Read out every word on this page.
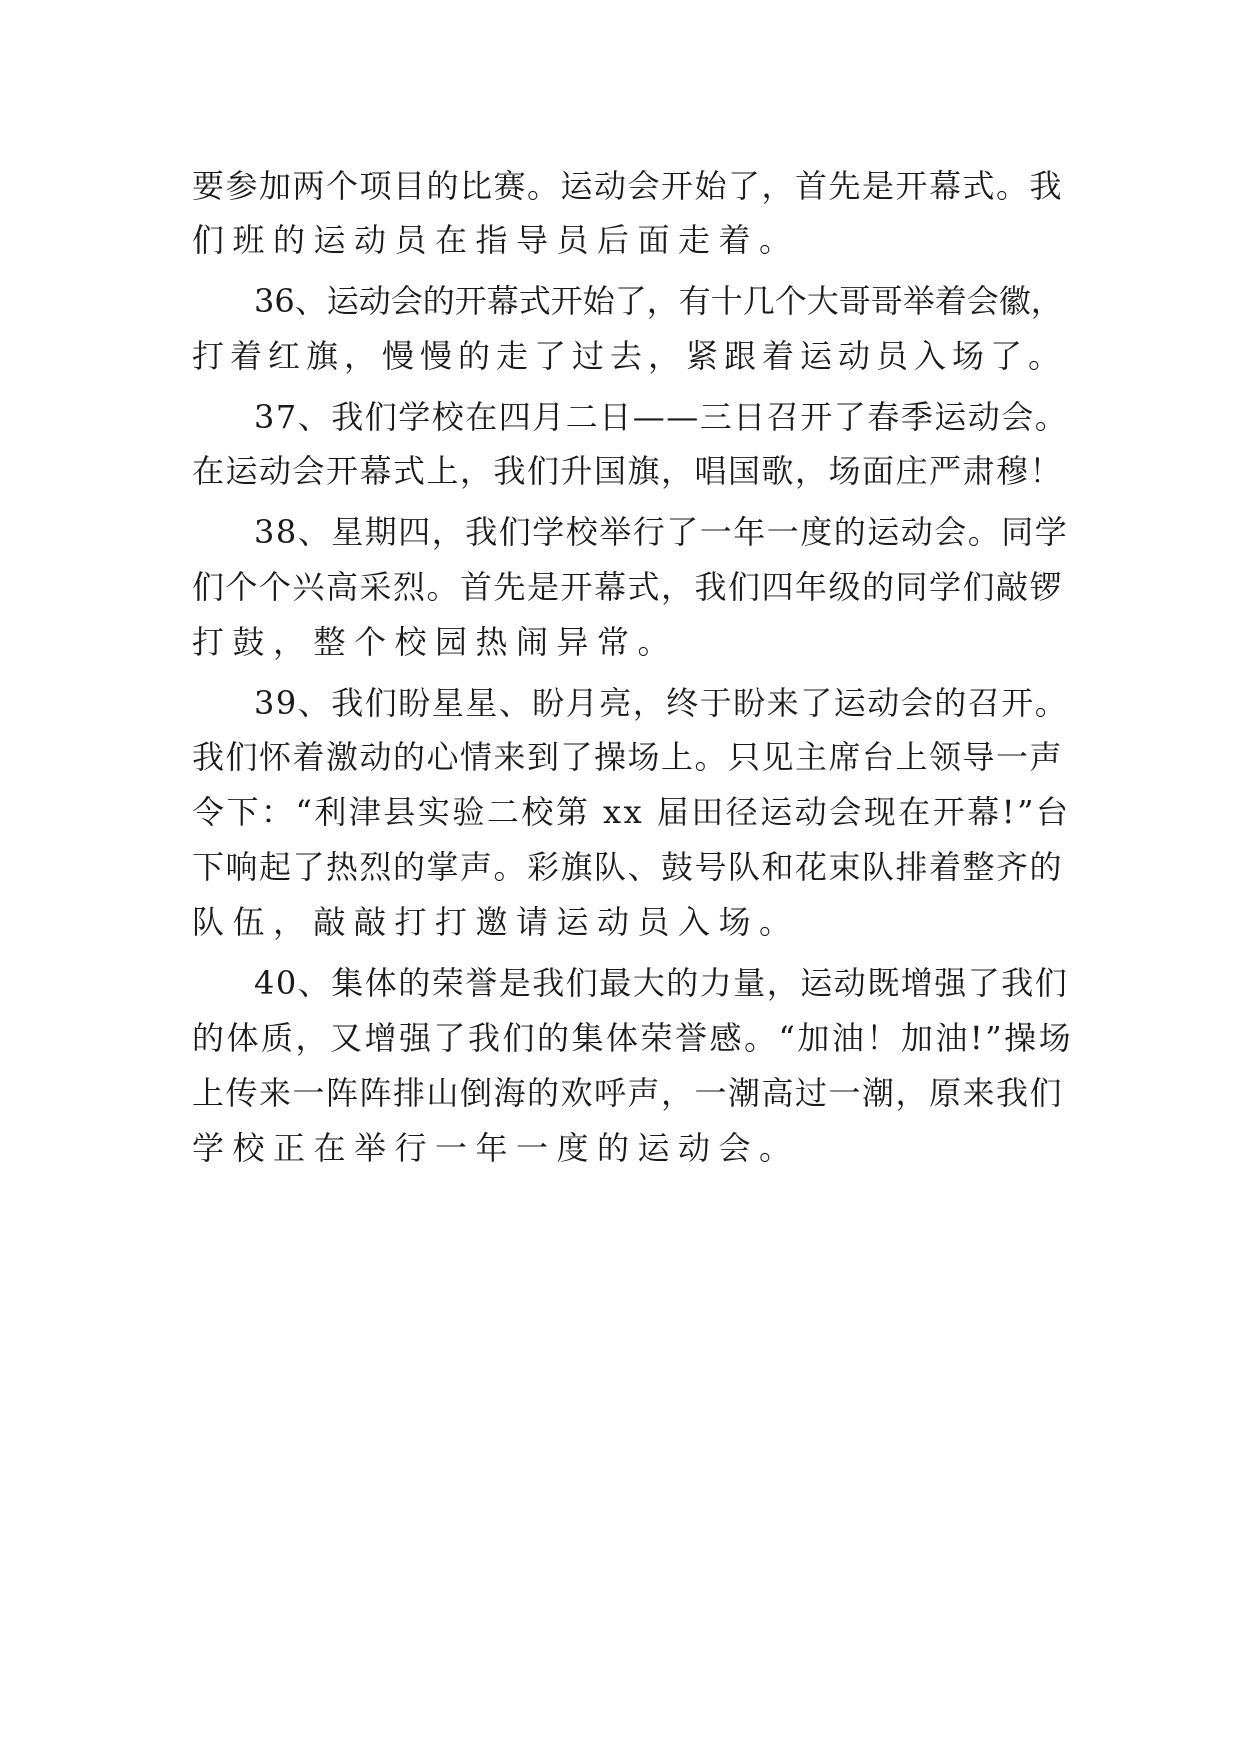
要参加两个项目的比赛。运动会开始了，首先是开幕式。我
们班的运动员在指导员后面走着。
36、运动会的开幕式开始了，有十几个大哥哥举着会徽，
打着红旗，慢慢的走了过去，紧跟着运动员入场了。
37、我们学校在四月二日——三日召开了春季运动会。
在运动会开幕式上，我们升国旗，唱国歌，场面庄严肃穆！
38、星期四，我们学校举行了一年一度的运动会。同学
们个个兴高采烈。首先是开幕式，我们四年级的同学们敲锣
打鼓，整个校园热闹异常。
39、我们盼星星、盼月亮，终于盼来了运动会的召开。
我们怀着激动的心情来到了操场上。只见主席台上领导一声
令下：“利津县实验二校第 xx 届田径运动会现在开幕!”台
下响起了热烈的掌声。彩旗队、鼓号队和花束队排着整齐的
队伍，敲敲打打邀请运动员入场。
40、集体的荣誉是我们最大的力量，运动既增强了我们
的体质，又增强了我们的集体荣誉感。“加油！加油!”操场
上传来一阵阵排山倒海的欢呼声，一潮高过一潮，原来我们
学校正在举行一年一度的运动会。
